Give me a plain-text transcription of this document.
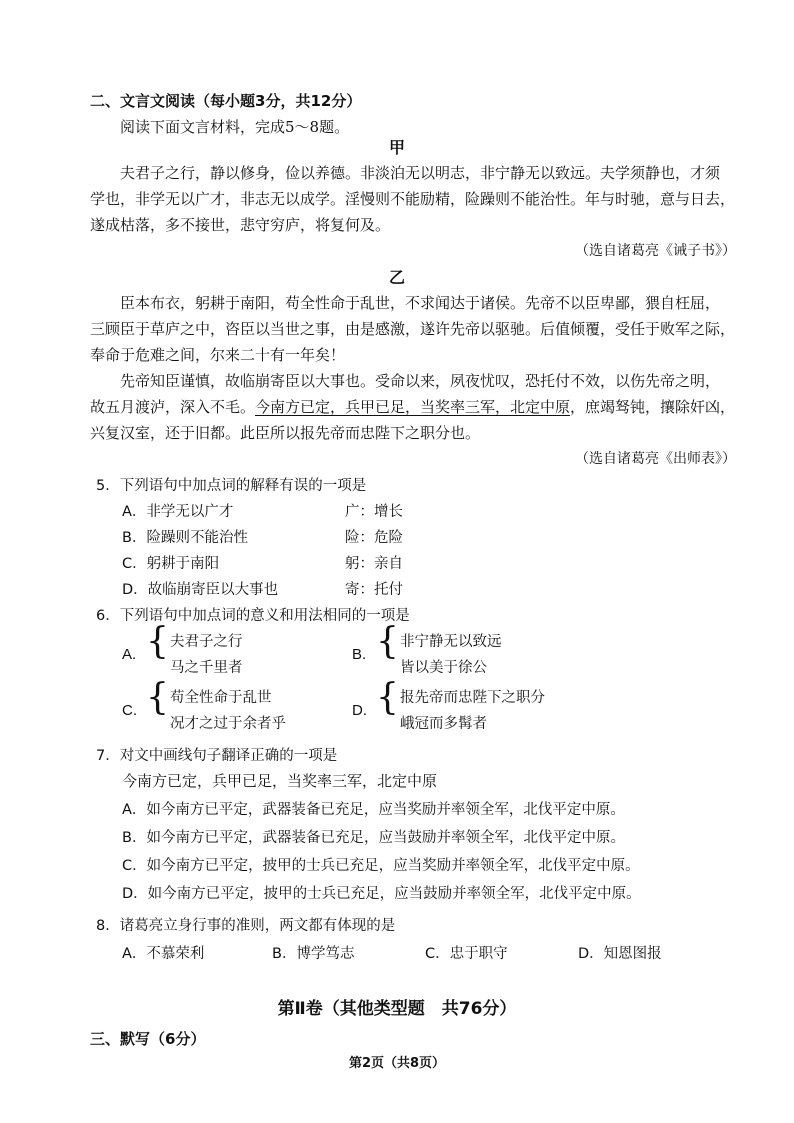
二、文言文阅读（每小题3分，共12分）
阅读下面文言材料，完成5～8题。
甲
夫君子之行，静以修身，俭以养德。非淡泊无以明志，非宁静无以致远。夫学须静也，才须
学也，非学无以广才，非志无以成学。淫慢则不能励精，险躁则不能治性。年与时驰，意与日去，
遂成枯落，多不接世，悲守穷庐，将复何及。
（选自诸葛亮《诫子书》）
乙
臣本布衣，躬耕于南阳，苟全性命于乱世，不求闻达于诸侯。先帝不以臣卑鄙，猥自枉屈，
三顾臣于草庐之中，咨臣以当世之事，由是感激，遂许先帝以驱驰。后值倾覆，受任于败军之际，
奉命于危难之间，尔来二十有一年矣！
先帝知臣谨慎，故临崩寄臣以大事也。受命以来，夙夜忧叹，恐托付不效，以伤先帝之明，
故五月渡泸，深入不毛。今南方已定，兵甲已足，当奖率三军，北定中原，庶竭驽钝，攘除奸凶，
兴复汉室，还于旧都。此臣所以报先帝而忠陛下之职分也。
（选自诸葛亮《出师表》）
5．下列语句中加点词的解释有误的一项是
A．非学无以广才	广：增长
B．险躁则不能治性	险：危险
C．躬耕于南阳	躬：亲自
D．故临崩寄臣以大事也	寄：托付
6．下列语句中加点词的意义和用法相同的一项是
A. { 夫君子之行
马之千里者
B. { 非宁静无以致远
皆以美于徐公
C. { 苟全性命于乱世
况才之过于余者乎
D. { 报先帝而忠陛下之职分
峨冠而多髯者
7．对文中画线句子翻译正确的一项是
今南方已定，兵甲已足，当奖率三军，北定中原
A．如今南方已平定，武器装备已充足，应当奖励并率领全军，北伐平定中原。
B．如今南方已平定，武器装备已充足，应当鼓励并率领全军，北伐平定中原。
C．如今南方已平定，披甲的士兵已充足，应当奖励并率领全军，北伐平定中原。
D．如今南方已平定，披甲的士兵已充足，应当鼓励并率领全军，北伐平定中原。
8．诸葛亮立身行事的准则，两文都有体现的是
A．不慕荣利	B．博学笃志	C．忠于职守	D．知恩图报
第Ⅱ卷（其他类型题　共76分）
三、默写（6分）
第2页（共8页）
